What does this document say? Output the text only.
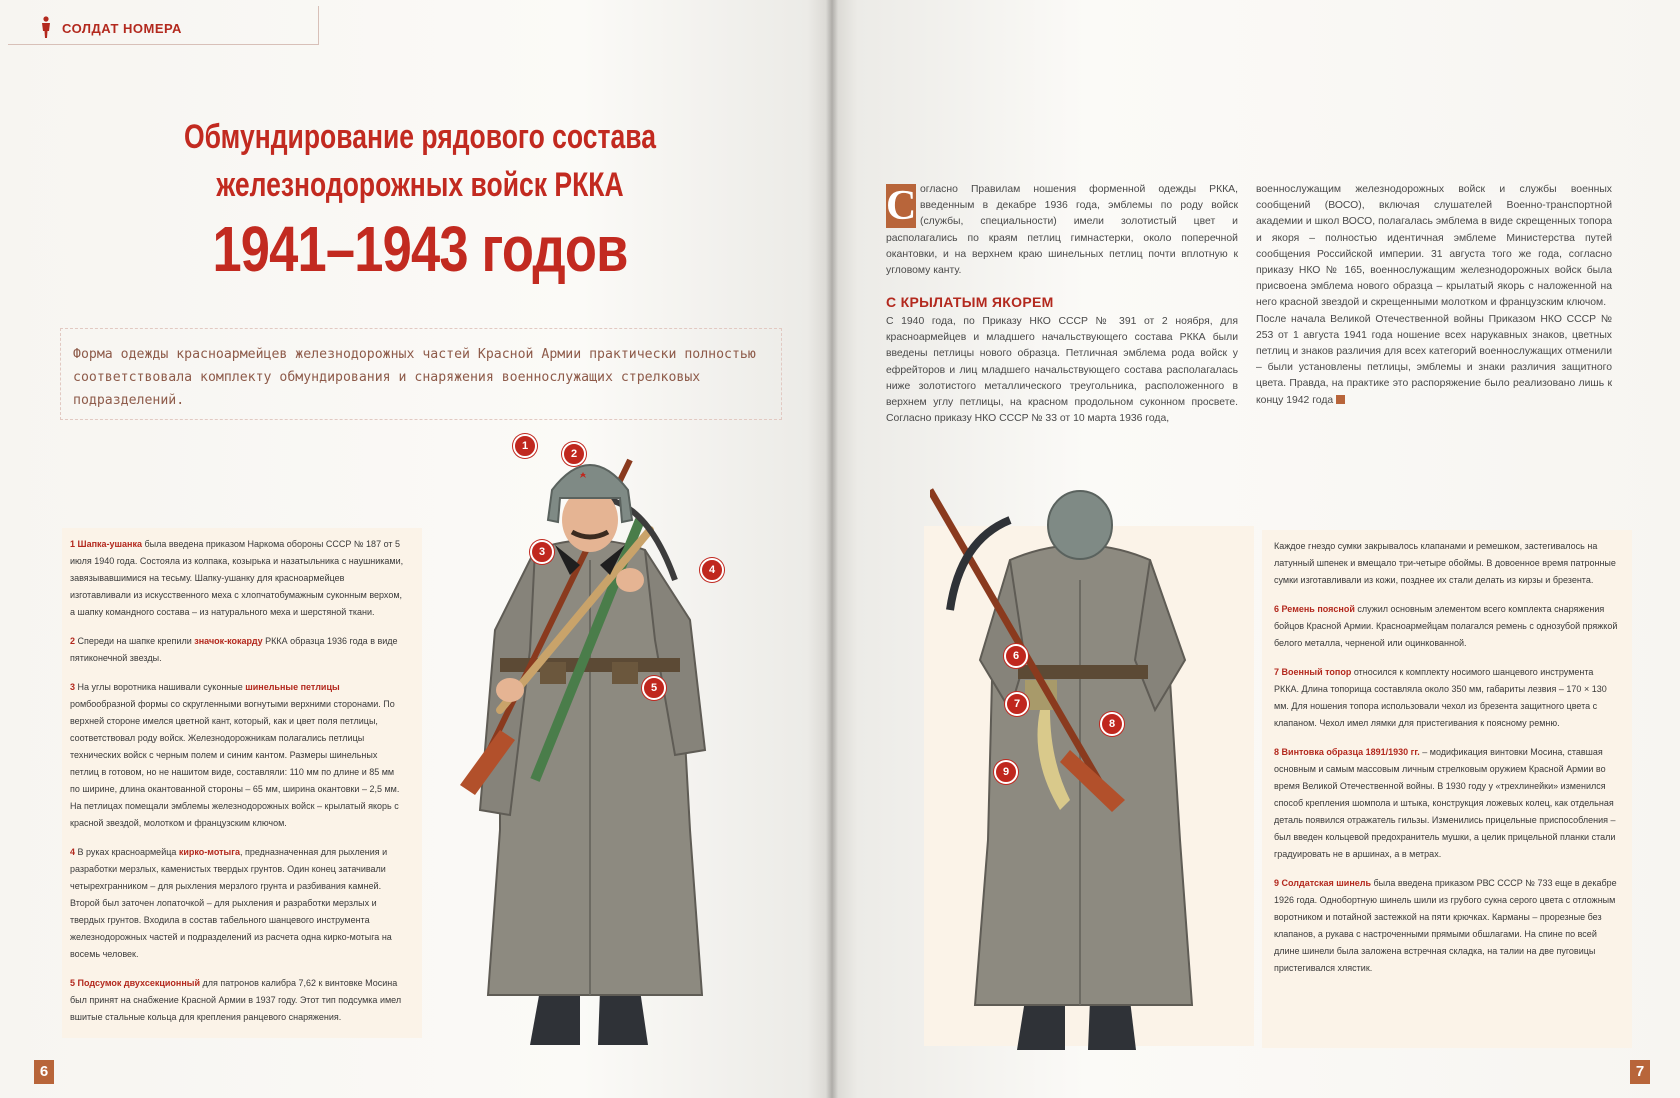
СОЛДАТ НОМЕРА
Обмундирование рядового состава
железнодорожных войск РККА
1941–1943 годов

Форма одежды красноармейцев железнодорожных частей Красной Армии практически полностью соответствовала комплекту обмундирования и снаряжения военнослужащих стрелковых подразделений.

1 Шапка-ушанка была введена приказом Наркома обороны СССР № 187 от 5 июля 1940 года. Состояла из колпака, козырька и назатыльника с наушниками, завязывавшимися на тесьму. Шапку-ушанку для красноармейцев изготавливали из искусственного меха с хлопчатобумажным суконным верхом, а шапку командного состава – из натурального меха и шерстяной ткани.

2 Спереди на шапке крепили значок-кокарду РККА образца 1936 года в виде пятиконечной звезды.

3 На углы воротника нашивали суконные шинельные петлицы ромбообразной формы со скругленными вогнутыми верхними сторонами. По верхней стороне имелся цветной кант, который, как и цвет поля петлицы, соответствовал роду войск. Железнодорожникам полагались петлицы технических войск с черным полем и синим кантом. Размеры шинельных петлиц в готовом, но не нашитом виде, составляли: 110 мм по длине и 85 мм по ширине, длина окантованной стороны – 65 мм, ширина окантовки – 2,5 мм. На петлицах помещали эмблемы железнодорожных войск – крылатый якорь с красной звездой, молотком и французским ключом.

4 В руках красноармейца кирко-мотыга, предназначенная для рыхления и разработки мерзлых, каменистых твердых грунтов. Один конец затачивали четырехгранником – для рыхления мерзлого грунта и разбивания камней. Второй был заточен лопаточкой – для рыхления и разработки мерзлых и твердых грунтов. Входила в состав табельного шанцевого инструмента железнодорожных частей и подразделений из расчета одна кирко-мотыга на восемь человек.

5 Подсумок двухсекционный для патронов калибра 7,62 к винтовке Мосина был принят на снабжение Красной Армии в 1937 году. Этот тип подсумка имел вшитые стальные кольца для крепления ранцевого снаряжения.

1
2
3
4
5
6
С огласно Правилам ношения форменной одежды РККА, введенным в декабре 1936 года, эмблемы по роду войск (службы, специальности) имели золотистый цвет и располагались по краям петлиц гимнастерки, около поперечной окантовки, и на верхнем краю шинельных петлиц почти вплотную к угловому канту.
С КРЫЛАТЫМ ЯКОРЕМ
С 1940 года, по Приказу НКО СССР № 391 от 2 ноября, для красноармейцев и младшего начальствующего состава РККА были введены петлицы нового образца. Петличная эмблема рода войск у ефрейторов и лиц младшего начальствующего состава располагалась ниже золотистого металлического треугольника, расположенного в верхнем углу петлицы, на красном продольном суконном просвете. Согласно приказу НКО СССР № 33 от 10 марта 1936 года,
военнослужащим железнодорожных войск и службы военных сообщений (ВОСО), включая слушателей Военно-транспортной академии и школ ВОСО, полагалась эмблема в виде скрещенных топора и якоря – полностью идентичная эмблеме Министерства путей сообщения Российской империи. 31 августа того же года, согласно приказу НКО № 165, военнослужащим железнодорожных войск была присвоена эмблема нового образца – крылатый якорь с наложенной на него красной звездой и скрещенными молотком и французским ключом.
После начала Великой Отечественной войны Приказом НКО СССР № 253 от 1 августа 1941 года ношение всех нарукавных знаков, цветных петлиц и знаков различия для всех категорий военнослужащих отменили – были установлены петлицы, эмблемы и знаки различия защитного цвета. Правда, на практике это распоряжение было реализовано лишь к концу 1942 года
6
7
8
9

Каждое гнездо сумки закрывалось клапанами и ремешком, застегивалось на латунный шпенек и вмещало три-четыре обоймы. В довоенное время патронные сумки изготавливали из кожи, позднее их стали делать из кирзы и брезента.

6 Ремень поясной служил основным элементом всего комплекта снаряжения бойцов Красной Армии. Красноармейцам полагался ремень с однозубой пряжкой белого металла, черненой или оцинкованной.

7 Военный топор относился к комплекту носимого шанцевого инструмента РККА. Длина топорища составляла около 350 мм, габариты лезвия – 170 × 130 мм. Для ношения топора использовали чехол из брезента защитного цвета с клапаном. Чехол имел лямки для пристегивания к поясному ремню.

8 Винтовка образца 1891/1930 гг. – модификация винтовки Мосина, ставшая основным и самым массовым личным стрелковым оружием Красной Армии во время Великой Отечественной войны. В 1930 году у «трехлинейки» изменился способ крепления шомпола и штыка, конструкция ложевых колец, как отдельная деталь появился отражатель гильзы. Изменились прицельные приспособления – был введен кольцевой предохранитель мушки, а целик прицельной планки стали градуировать не в аршинах, а в метрах.

9 Солдатская шинель была введена приказом РВС СССР № 733 еще в декабре 1926 года. Однобортную шинель шили из грубого сукна серого цвета с отложным воротником и потайной застежкой на пяти крючках. Карманы – прорезные без клапанов, а рукава с настроченными прямыми обшлагами. На спине по всей длине шинели была заложена встречная складка, на талии на две пуговицы пристегивался хлястик.

7
